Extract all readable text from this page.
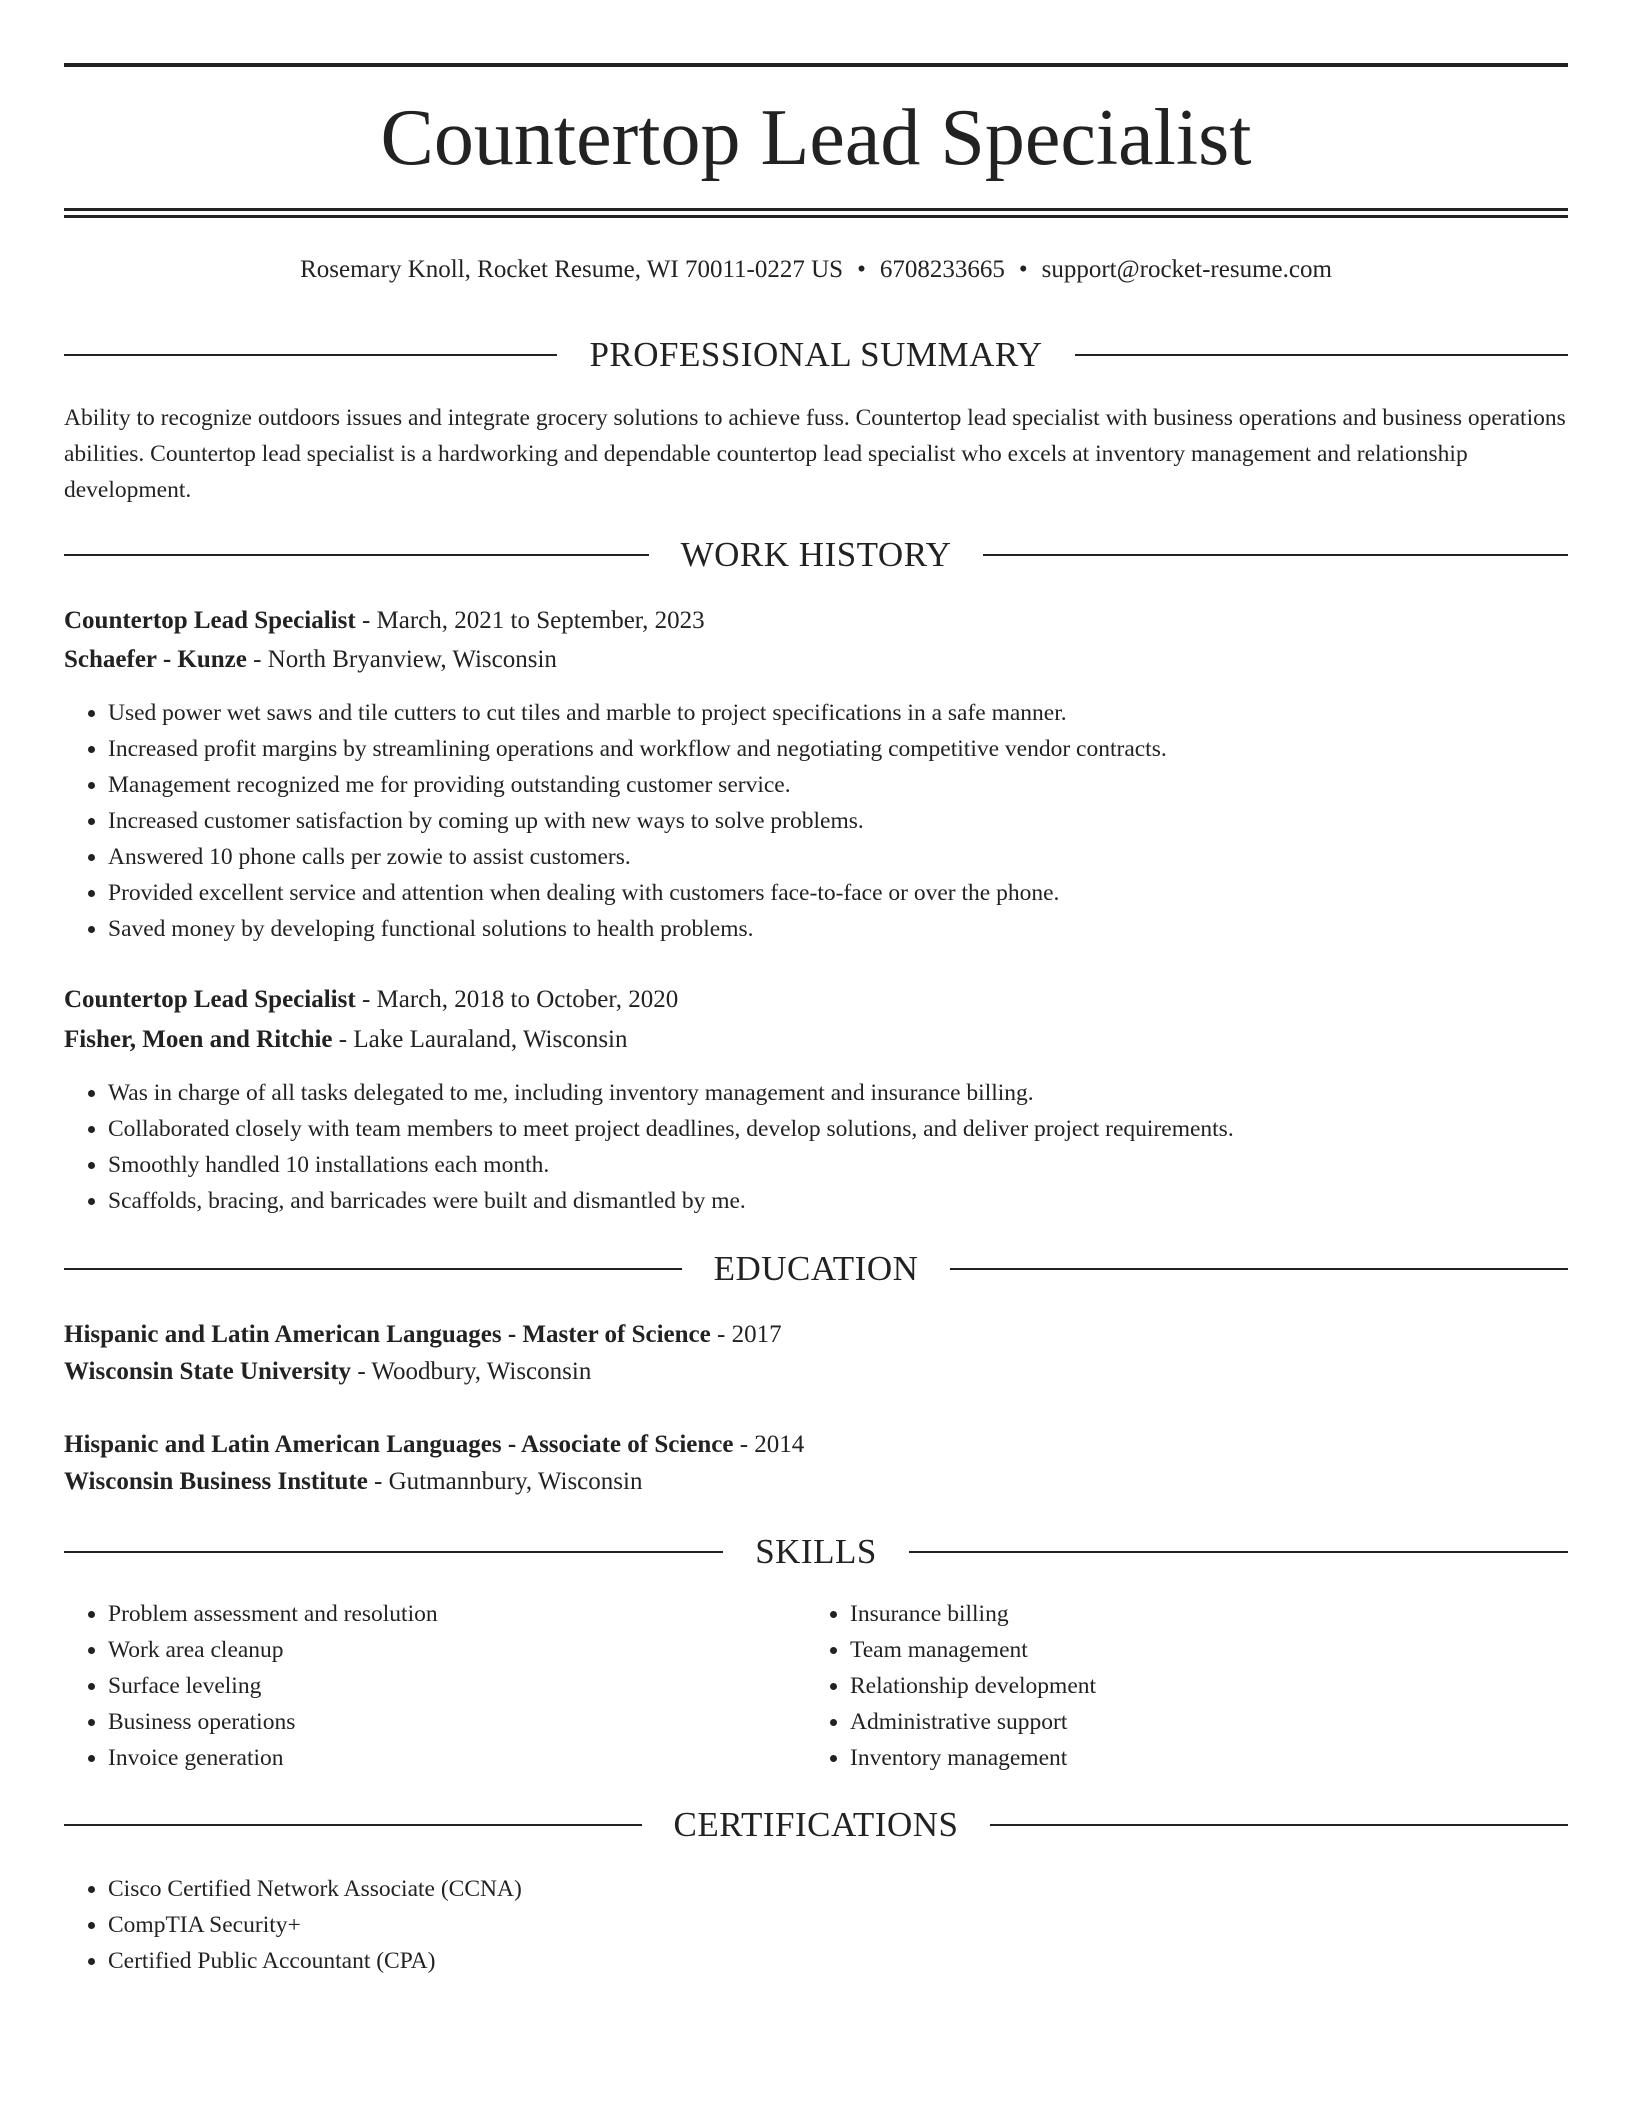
Countertop Lead Specialist
Rosemary Knoll, Rocket Resume, WI 70011-0227 US • 6708233665 • support@rocket-resume.com
PROFESSIONAL SUMMARY

Ability to recognize outdoors issues and integrate grocery solutions to achieve fuss. Countertop lead specialist with business operations and business operations abilities. Countertop lead specialist is a hardworking and dependable countertop lead specialist who excels at inventory management and relationship development.

WORK HISTORY
Countertop Lead Specialist - March, 2021 to September, 2023
Schaefer - Kunze - North Bryanview, Wisconsin
• Used power wet saws and tile cutters to cut tiles and marble to project specifications in a safe manner.
• Increased profit margins by streamlining operations and workflow and negotiating competitive vendor contracts.
• Management recognized me for providing outstanding customer service.
• Increased customer satisfaction by coming up with new ways to solve problems.
• Answered 10 phone calls per zowie to assist customers.
• Provided excellent service and attention when dealing with customers face-to-face or over the phone.
• Saved money by developing functional solutions to health problems.
Countertop Lead Specialist - March, 2018 to October, 2020
Fisher, Moen and Ritchie - Lake Lauraland, Wisconsin
• Was in charge of all tasks delegated to me, including inventory management and insurance billing.
• Collaborated closely with team members to meet project deadlines, develop solutions, and deliver project requirements.
• Smoothly handled 10 installations each month.
• Scaffolds, bracing, and barricades were built and dismantled by me.
EDUCATION
Hispanic and Latin American Languages - Master of Science - 2017
Wisconsin State University - Woodbury, Wisconsin
Hispanic and Latin American Languages - Associate of Science - 2014
Wisconsin Business Institute - Gutmannbury, Wisconsin
SKILLS
• Problem assessment and resolution
• Work area cleanup
• Surface leveling
• Business operations
• Invoice generation
• Insurance billing
• Team management
• Relationship development
• Administrative support
• Inventory management
CERTIFICATIONS
• Cisco Certified Network Associate (CCNA)
• CompTIA Security+
• Certified Public Accountant (CPA)
